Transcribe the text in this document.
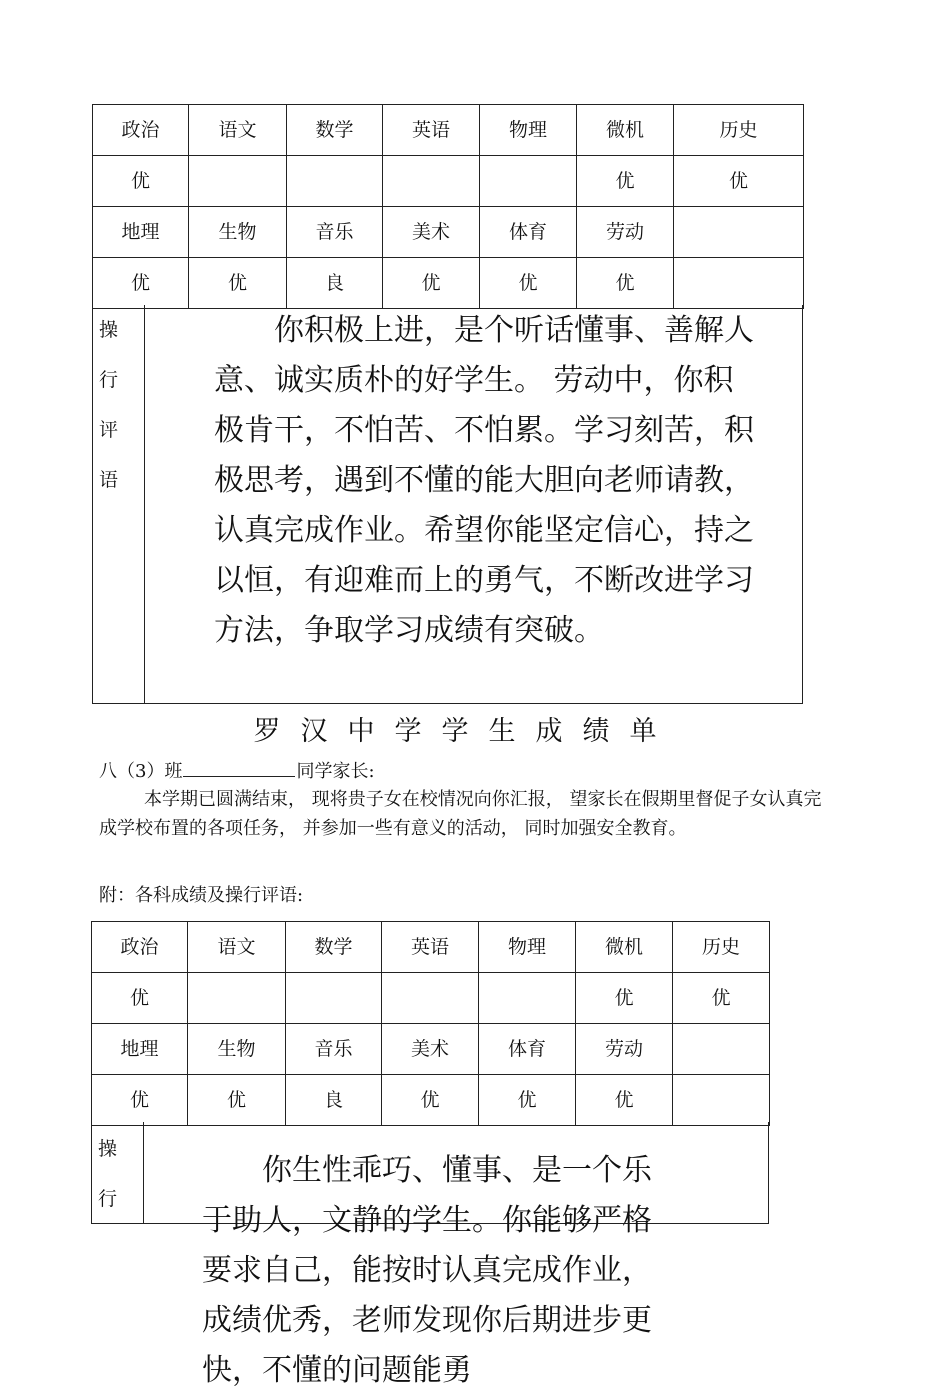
政治	语文	数学	英语	物理	微机	历史
优					优	优
地理	生物	音乐	美术	体育	劳动	
优	优	良	优	优	优	
操
行
评
语

你积极上进，是个听话懂事、善解人意、诚实质朴的好学生。 劳动中，你积极肯干，不怕苦、不怕累。学习刻苦，积极思考，遇到不懂的能大胆向老师请教，认真完成作业。希望你能坚定信心，持之以恒，有迎难而上的勇气，不断改进学习方法，争取学习成绩有突破。

罗汉中学学生成绩单
八（3）班	同学家长:

本学期已圆满结束， 现将贵子女在校情况向你汇报， 望家长在假期里督促子女认真完成学校布置的各项任务， 并参加一些有意义的活动， 同时加强安全教育。

附：各科成绩及操行评语:
政治	语文	数学	英语	物理	微机	历史
优					优	优
地理	生物	音乐	美术	体育	劳动	
优	优	良	优	优	优	
操
行

你生性乖巧、懂事、是一个乐于助人，文静的学生。你能够严格要求自己，能按时认真完成作业，成绩优秀，老师发现你后期进步更快，不懂的问题能勇
